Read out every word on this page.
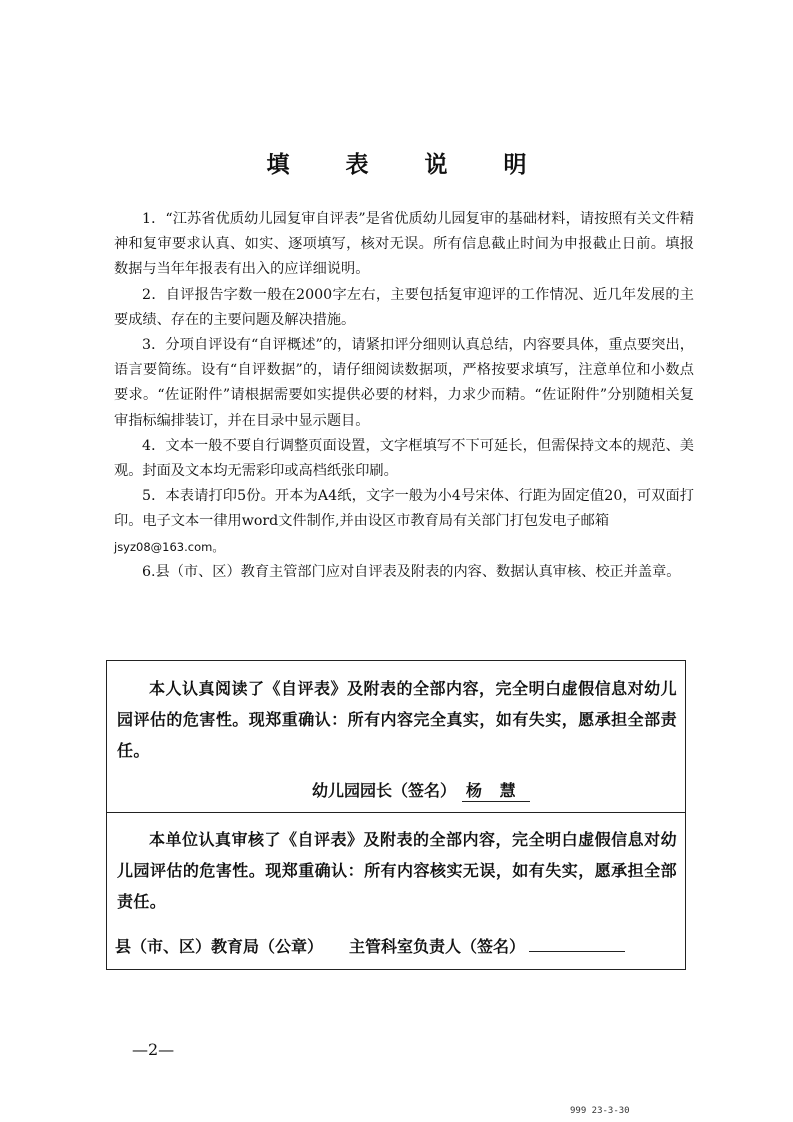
填 表 说 明

1．“江苏省优质幼儿园复审自评表”是省优质幼儿园复审的基础材料，请按照有关文件精神和复审要求认真、如实、逐项填写，核对无误。所有信息截止时间为申报截止日前。填报数据与当年年报表有出入的应详细说明。

2．自评报告字数一般在2000字左右，主要包括复审迎评的工作情况、近几年发展的主要成绩、存在的主要问题及解决措施。

3．分项自评设有“自评概述”的，请紧扣评分细则认真总结，内容要具体，重点要突出，语言要简练。设有“自评数据”的，请仔细阅读数据项，严格按要求填写，注意单位和小数点要求。“佐证附件”请根据需要如实提供必要的材料，力求少而精。“佐证附件”分别随相关复审指标编排装订，并在目录中显示题目。

4．文本一般不要自行调整页面设置，文字框填写不下可延长，但需保持文本的规范、美观。封面及文本均无需彩印或高档纸张印刷。

5．本表请打印5份。开本为A4纸，文字一般为小4号宋体、行距为固定值20，可双面打印。电子文本一律用word文件制作,并由设区市教育局有关部门打包发电子邮箱
jsyz08@163.com。

6.县（市、区）教育主管部门应对自评表及附表的内容、数据认真审核、校正并盖章。

本人认真阅读了《自评表》及附表的全部内容，完全明白虚假信息对幼儿园评估的危害性。现郑重确认：所有内容完全真实，如有失实，愿承担全部责任。

幼儿园园长（签名） 杨 慧

本单位认真审核了《自评表》及附表的全部内容，完全明白虚假信息对幼儿园评估的危害性。现郑重确认：所有内容核实无误，如有失实，愿承担全部责任。

县（市、区）教育局（公章） 主管科室负责人（签名）
—2—
999 23-3-30
